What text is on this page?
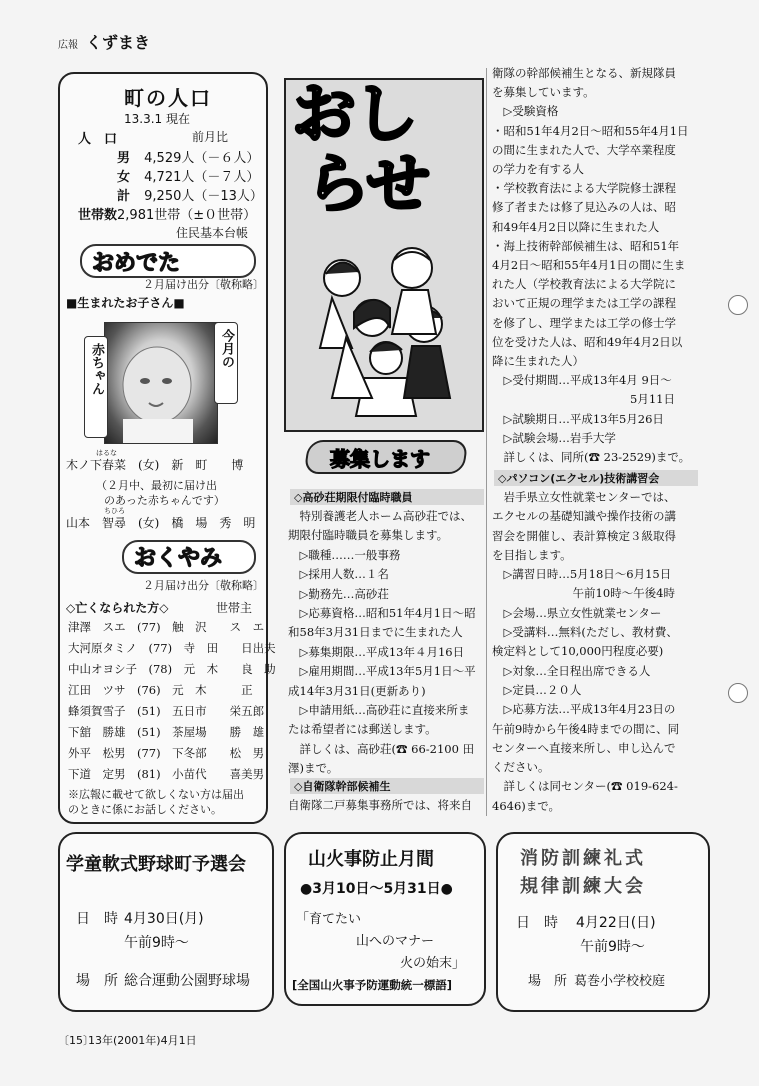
広報 くずまき
町の人口
13.3.1 現在
人　口	前月比
男 4,529人（－６人）
女 4,721人（－７人）
計 9,250人（－13人）
世帯数2,981世帯（±０世帯）
住民基本台帳
おめでた
２月届け出分〔敬称略〕
■生まれたお子さん■
赤ちゃん	今月の
はるな
木ノ下春菜　(女)　新　町　　博
（２月中、最初に届け出
のあった赤ちゃんです）
ちひろ
山本　智尋　(女)　橋　場　秀　明
おくやみ
２月届け出分〔敬称略〕
◇亡くなられた方◇	世帯主
津澤　スエ　(77)　触　沢　　ス　エ
大河原タミノ　(77)　寺　田　　日出夫
中山オヨシ子　(78)　元　木　　良　助
江田　ツサ　(76)　元　木　　　正
蜂須賀雪子　(51)　五日市　　栄五郎
下舘　勝雄　(51)　茶屋場　　勝　雄
外平　松男　(77)　下冬部　　松　男
下道　定男　(81)　小苗代　　喜美男
※広報に載せて欲しくない方は届出
のときに係にお話しください。
おし
らせ
募集します
◇高砂荘期限付臨時職員
　特別養護老人ホーム高砂荘では、
期限付臨時職員を募集します。
　▷職種……一般事務
　▷採用人数…１名
　▷勤務先…高砂荘
　▷応募資格…昭和51年4月1日～昭
和58年3月31日までに生まれた人
　▷募集期限…平成13年４月16日
　▷雇用期間…平成13年5月1日～平
成14年3月31日(更新あり)
　▷申請用紙…高砂荘に直接来所ま
たは希望者には郵送します。
　詳しくは、高砂荘(☎ 66-2100 田
澤)まで。
◇自衛隊幹部候補生
自衛隊二戸募集事務所では、将来自
衛隊の幹部候補生となる、新規隊員
を募集しています。
　▷受験資格
・昭和51年4月2日～昭和55年4月1日
の間に生まれた人で、大学卒業程度
の学力を有する人
・学校教育法による大学院修士課程
修了者または修了見込みの人は、昭
和49年4月2日以降に生まれた人
・海上技術幹部候補生は、昭和51年
4月2日～昭和55年4月1日の間に生ま
れた人（学校教育法による大学院に
おいて正規の理学または工学の課程
を修了し、理学または工学の修士学
位を受けた人は、昭和49年4月2日以
降に生まれた人）
　▷受付期間…平成13年4月 9日～
　　　　　　　　　　　　5月11日
　▷試験期日…平成13年5月26日
　▷試験会場…岩手大学
　詳しくは、同所(☎ 23-2529)まで。
◇パソコン(エクセル)技術講習会
　岩手県立女性就業センターでは、
エクセルの基礎知識や操作技術の講
習会を開催し、表計算検定３級取得
を目指します。
　▷講習日時…5月18日～6月15日
　　　　　　　午前10時～午後4時
　▷会場…県立女性就業センター
　▷受講料…無料(ただし、教材費、
検定料として10,000円程度必要)
　▷対象…全日程出席できる人
　▷定員…２０人
　▷応募方法…平成13年4月23日の
午前9時から午後4時までの間に、同
センターへ直接来所し、申し込んで
ください。
　詳しくは同センター(☎ 019-624-
4646)まで。
学童軟式野球町予選会
日　時 4月30日(月)
午前9時～
場　所 総合運動公園野球場
山火事防止月間
●3月10日～5月31日●
「育てたい
山へのマナー
火の始末」
[全国山火事予防運動統一標語]
消防訓練礼式
規律訓練大会
日　時 4月22日(日)
午前9時～
場　所 葛巻小学校校庭
〔15〕
13年(2001年)4月1日
